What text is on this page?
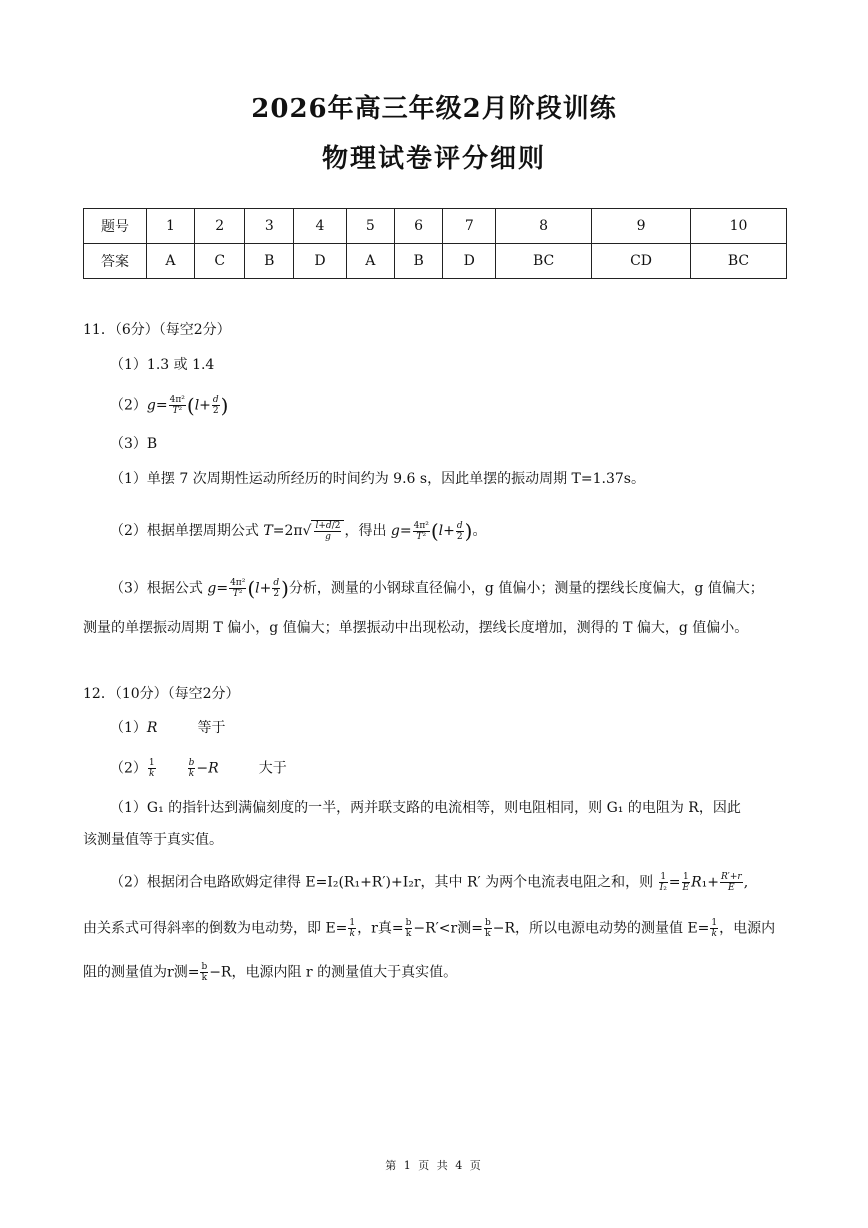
2026年高三年级2月阶段训练
物理试卷评分细则
题号	1	2	3	4	5	6	7	8	9	10
答案	A	C	B	D	A	B	D	BC	CD	BC
11．（6分）（每空2分）
（1）1.3 或 1.4
$(2)g= \frac{\text{4π²}}{\text{T²}} (l+ \frac{d}{2}$ )
（3）B
（1）单摆 7 次周期性运动所经历的时间约为 9.6 s，因此单摆的振动周期 T=1.37s。
（2）根据单摆周期公式 $T=2\pi√ \frac{l+d/2}{g}$ ，得出 $g= \frac{\text{4π²}}{\text{T²}} (l+ \frac{d}{2}$ )。
（3）根据公式 $g= \frac{\text{4π²}}{\text{T²}} (l+ \frac{d}{2}$ )分析，测量的小钢球直径偏小，g 值偏小；测量的摆线长度偏大，g 值偏大；
测量的单摆振动周期 T 偏小，g 值偏大；单摆振动中出现松动，摆线长度增加，测得的 T 偏大，g 值偏小。
12．（10分）（每空2分）
（1）R	等于
$(2) \frac{1}{k}$	$\frac{b}{k} -R$	大于
（1）G₁ 的指针达到满偏刻度的一半，两并联支路的电流相等，则电阻相同，则 G₁ 的电阻为 R，因此
该测量值等于真实值。
（2）根据闭合电路欧姆定律得 E=I₂(R₁+R′)+I₂r，其中 R′ 为两个电流表电阻之和，则 $\frac{1}{\text{I₂}} = \frac{1}{E} R_1+ \frac{R'+r}{E}$ ,
由关系式可得斜率的倒数为电动势，即 $E= \frac{1}{k}$ ，r真= $\frac{b}{k} -R'<r$测= $\frac{b}{k} -R$，所以电源电动势的测量值 $E= \frac{1}{k}$ ，电源内
阻的测量值为r测= $\frac{b}{k} -R$，电源内阻 r 的测量值大于真实值。
第 1 页 共 4 页
